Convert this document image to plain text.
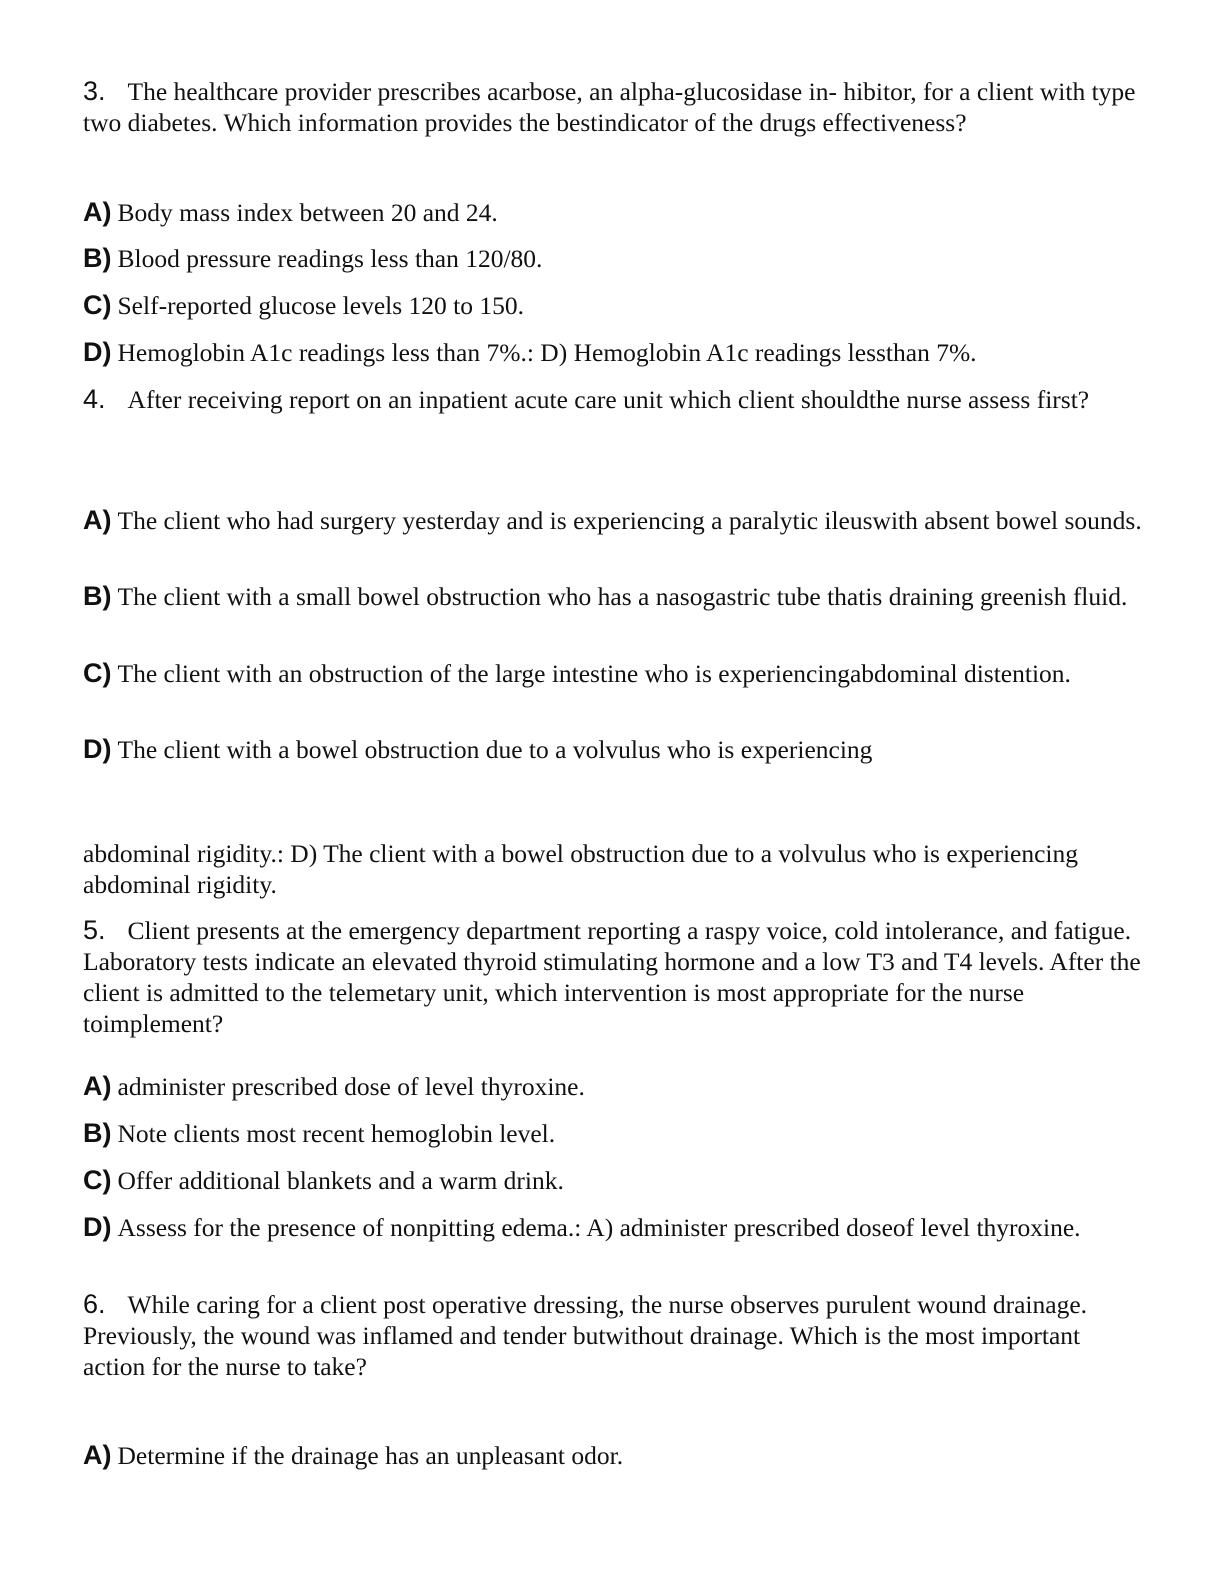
3. The healthcare provider prescribes acarbose, an alpha-glucosidase in- hibitor, for a client with type two diabetes. Which information provides the bestindicator of the drugs effectiveness?
A) Body mass index between 20 and 24.
B) Blood pressure readings less than 120/80.
C) Self-reported glucose levels 120 to 150.
D) Hemoglobin A1c readings less than 7%.: D) Hemoglobin A1c readings lessthan 7%.
4. After receiving report on an inpatient acute care unit which client shouldthe nurse assess first?
A) The client who had surgery yesterday and is experiencing a paralytic ileuswith absent bowel sounds.
B) The client with a small bowel obstruction who has a nasogastric tube thatis draining greenish fluid.
C) The client with an obstruction of the large intestine who is experiencingabdominal distention.
D) The client with a bowel obstruction due to a volvulus who is experiencing
abdominal rigidity.: D) The client with a bowel obstruction due to a volvulus who is experiencing abdominal rigidity.
5. Client presents at the emergency department reporting a raspy voice, cold intolerance, and fatigue. Laboratory tests indicate an elevated thyroid stimulating hormone and a low T3 and T4 levels. After the client is admitted to the telemetary unit, which intervention is most appropriate for the nurse toimplement?
A) administer prescribed dose of level thyroxine.
B) Note clients most recent hemoglobin level.
C) Offer additional blankets and a warm drink.
D) Assess for the presence of nonpitting edema.: A) administer prescribed doseof level thyroxine.
6. While caring for a client post operative dressing, the nurse observes purulent wound drainage. Previously, the wound was inflamed and tender butwithout drainage. Which is the most important action for the nurse to take?
A) Determine if the drainage has an unpleasant odor.
